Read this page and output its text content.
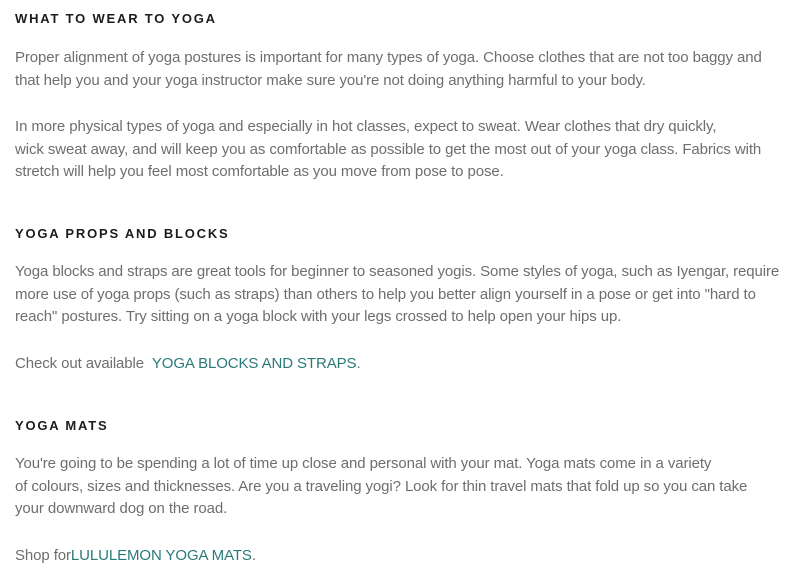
WHAT TO WEAR TO YOGA

Proper alignment of yoga postures is important for many types of yoga. Choose clothes that are not too baggy and
that help you and your yoga instructor make sure you're not doing anything harmful to your body.

In more physical types of yoga and especially in hot classes, expect to sweat. Wear clothes that dry quickly,
wick sweat away, and will keep you as comfortable as possible to get the most out of your yoga class. Fabrics with
stretch will help you feel most comfortable as you move from pose to pose.

YOGA PROPS AND BLOCKS

Yoga blocks and straps are great tools for beginner to seasoned yogis. Some styles of yoga, such as Iyengar, require
more use of yoga props (such as straps) than others to help you better align yourself in a pose or get into "hard to
reach" postures. Try sitting on a yoga block with your legs crossed to help open your hips up.

Check out available YOGA BLOCKS AND STRAPS.

YOGA MATS

You're going to be spending a lot of time up close and personal with your mat. Yoga mats come in a variety
of colours, sizes and thicknesses. Are you a traveling yogi? Look for thin travel mats that fold up so you can take
your downward dog on the road.

Shop forLULULEMON YOGA MATS.
